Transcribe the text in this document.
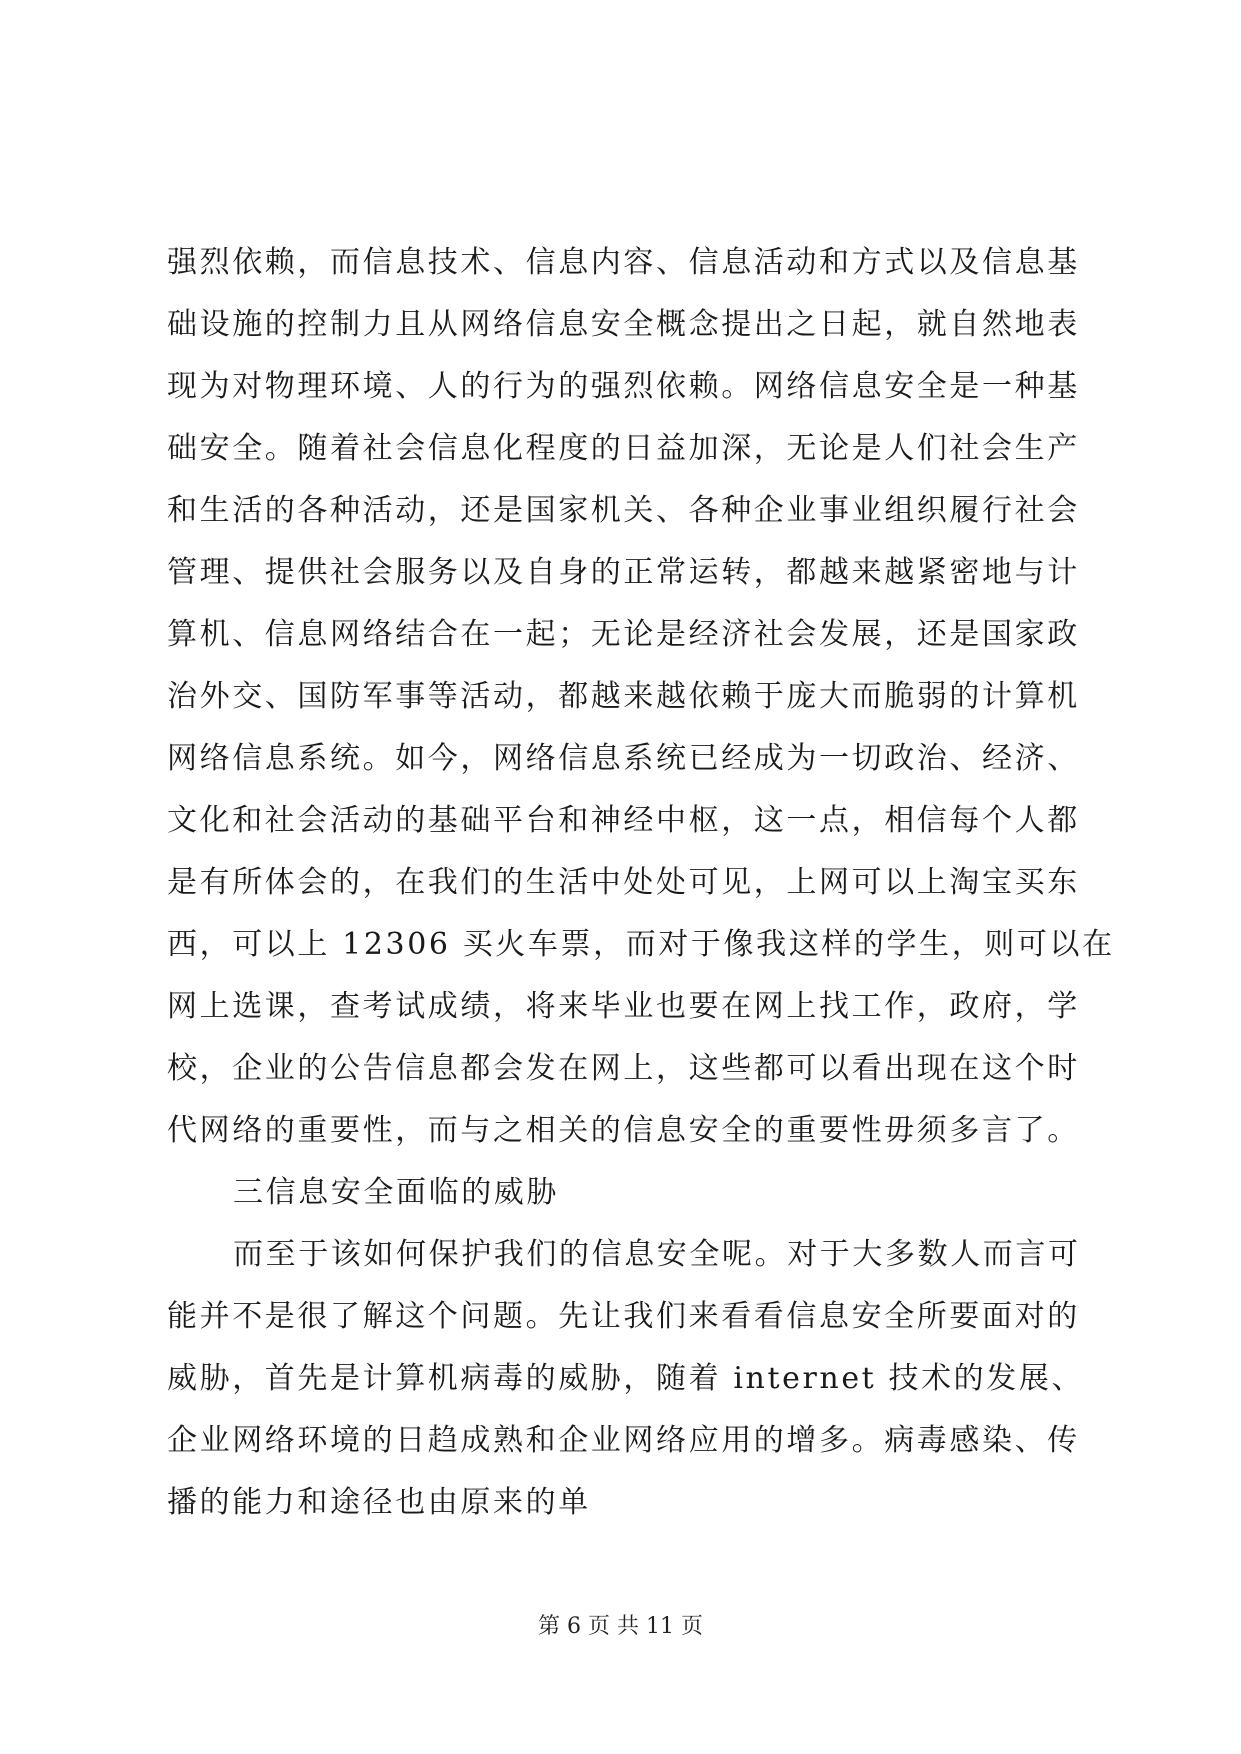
强烈依赖，而信息技术、信息内容、信息活动和方式以及信息基
础设施的控制力且从网络信息安全概念提出之日起，就自然地表
现为对物理环境、人的行为的强烈依赖。网络信息安全是一种基
础安全。随着社会信息化程度的日益加深，无论是人们社会生产
和生活的各种活动，还是国家机关、各种企业事业组织履行社会
管理、提供社会服务以及自身的正常运转，都越来越紧密地与计
算机、信息网络结合在一起；无论是经济社会发展，还是国家政
治外交、国防军事等活动，都越来越依赖于庞大而脆弱的计算机
网络信息系统。如今，网络信息系统已经成为一切政治、经济、
文化和社会活动的基础平台和神经中枢，这一点，相信每个人都
是有所体会的，在我们的生活中处处可见，上网可以上淘宝买东
西，可以上 12306 买火车票，而对于像我这样的学生，则可以在
网上选课，查考试成绩，将来毕业也要在网上找工作，政府，学
校，企业的公告信息都会发在网上，这些都可以看出现在这个时
代网络的重要性，而与之相关的信息安全的重要性毋须多言了。
三信息安全面临的威胁
而至于该如何保护我们的信息安全呢。对于大多数人而言可
能并不是很了解这个问题。先让我们来看看信息安全所要面对的
威胁，首先是计算机病毒的威胁，随着 internet 技术的发展、
企业网络环境的日趋成熟和企业网络应用的增多。病毒感染、传
播的能力和途径也由原来的单
第 6 页 共 11 页
